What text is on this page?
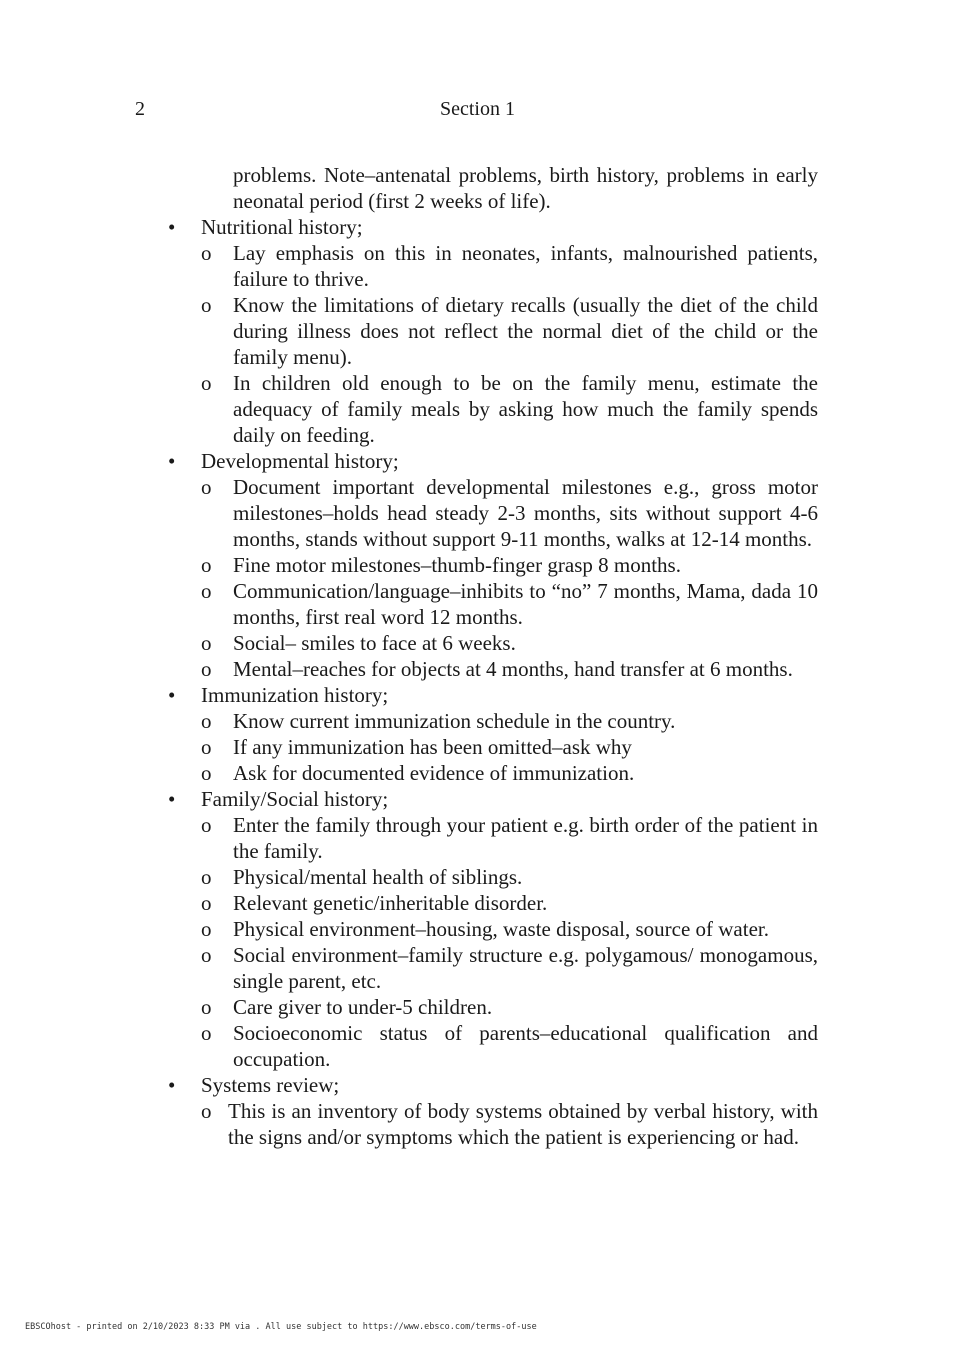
2	Section 1
problems. Note–antenatal problems, birth history, problems in early neonatal period (first 2 weeks of life).
• Nutritional history;
o Lay emphasis on this in neonates, infants, malnourished patients, failure to thrive.
o Know the limitations of dietary recalls (usually the diet of the child during illness does not reflect the normal diet of the child or the family menu).
o In children old enough to be on the family menu, estimate the adequacy of family meals by asking how much the family spends daily on feeding.
• Developmental history;
o Document important developmental milestones e.g., gross motor milestones–holds head steady 2-3 months, sits without support 4-6 months, stands without support 9-11 months, walks at 12-14 months.
o Fine motor milestones–thumb-finger grasp 8 months.
o Communication/language–inhibits to “no” 7 months, Mama, dada 10 months, first real word 12 months.
o Social– smiles to face at 6 weeks.
o Mental–reaches for objects at 4 months, hand transfer at 6 months.
• Immunization history;
o Know current immunization schedule in the country.
o If any immunization has been omitted–ask why
o Ask for documented evidence of immunization.
• Family/Social history;
o Enter the family through your patient e.g. birth order of the patient in the family.
o Physical/mental health of siblings.
o Relevant genetic/inheritable disorder.
o Physical environment–housing, waste disposal, source of water.
o Social environment–family structure e.g. polygamous/ monogamous, single parent, etc.
o Care giver to under-5 children.
o Socioeconomic status of parents–educational qualification and occupation.
• Systems review;
o This is an inventory of body systems obtained by verbal history, with the signs and/or symptoms which the patient is experiencing or had.
EBSCOhost - printed on 2/10/2023 8:33 PM via . All use subject to https://www.ebsco.com/terms-of-use
